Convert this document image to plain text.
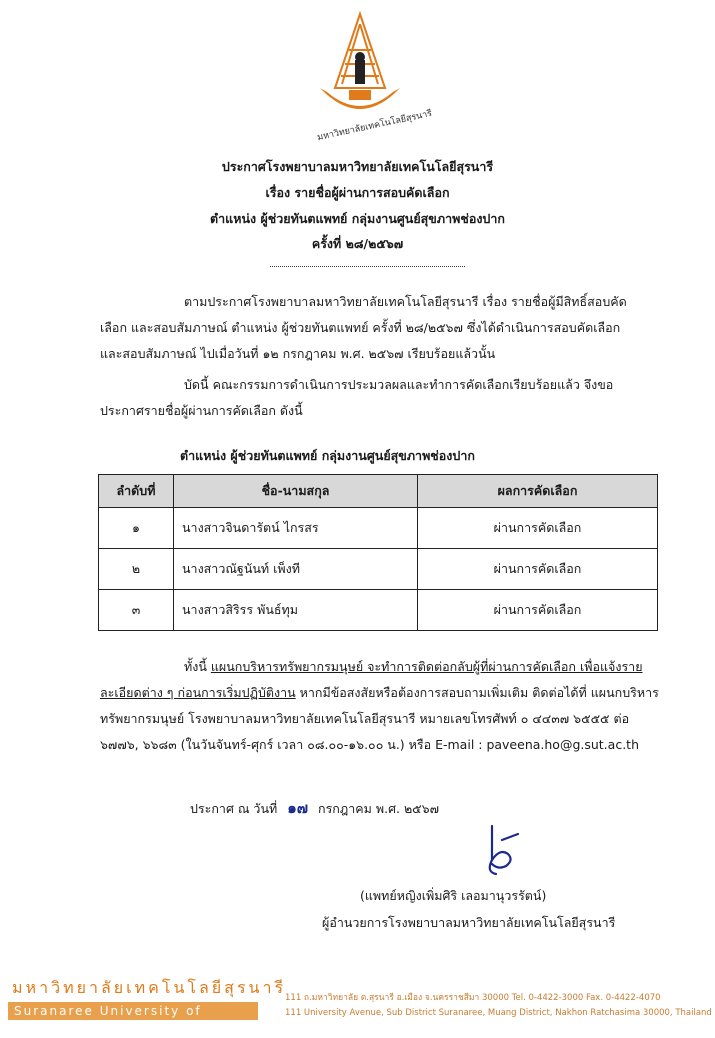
มหาวิทยาลัยเทคโนโลยีสุรนารี
ประกาศโรงพยาบาลมหาวิทยาลัยเทคโนโลยีสุรนารี
เรื่อง รายชื่อผู้ผ่านการสอบคัดเลือก
ตำแหน่ง ผู้ช่วยทันตแพทย์ กลุ่มงานศูนย์สุขภาพช่องปาก
ครั้งที่ ๒๘/๒๕๖๗
ตามประกาศโรงพยาบาลมหาวิทยาลัยเทคโนโลยีสุรนารี เรื่อง รายชื่อผู้มีสิทธิ์สอบคัดเลือก และสอบสัมภาษณ์ ตำแหน่ง ผู้ช่วยทันตแพทย์ ครั้งที่ ๒๘/๒๕๖๗ ซึ่งได้ดำเนินการสอบคัดเลือกและสอบสัมภาษณ์ ไปเมื่อวันที่ ๑๒ กรกฎาคม พ.ศ. ๒๕๖๗ เรียบร้อยแล้วนั้น
บัดนี้ คณะกรรมการดำเนินการประมวลผลและทำการคัดเลือกเรียบร้อยแล้ว จึงขอประกาศรายชื่อผู้ผ่านการคัดเลือก ดังนี้
ตำแหน่ง ผู้ช่วยทันตแพทย์ กลุ่มงานศูนย์สุขภาพช่องปาก
ลำดับที่	ชื่อ-นามสกุล	ผลการคัดเลือก
๑	นางสาวจินดารัตน์ ไกรสร	ผ่านการคัดเลือก
๒	นางสาวณัฐนันท์ เพ็งที	ผ่านการคัดเลือก
๓	นางสาวสิริรร พันธ์ทุม	ผ่านการคัดเลือก
ทั้งนี้ แผนกบริหารทรัพยากรมนุษย์ จะทำการติดต่อกลับผู้ที่ผ่านการคัดเลือก เพื่อแจ้งรายละเอียดต่าง ๆ ก่อนการเริ่มปฏิบัติงาน หากมีข้อสงสัยหรือต้องการสอบถามเพิ่มเติม ติดต่อได้ที่ แผนกบริหารทรัพยากรมนุษย์ โรงพยาบาลมหาวิทยาลัยเทคโนโลยีสุรนารี หมายเลขโทรศัพท์ ๐ ๔๔๓๗ ๖๕๕๕ ต่อ ๖๗๗๖, ๖๖๘๓ (ในวันจันทร์-ศุกร์ เวลา ๐๘.๐๐-๑๖.๐๐ น.) หรือ E-mail : paveena.ho@g.sut.ac.th
ประกาศ ณ วันที่ ๑๗ กรกฎาคม พ.ศ. ๒๕๖๗
(แพทย์หญิงเพิ่มศิริ เลอมานุวรรัตน์)
ผู้อำนวยการโรงพยาบาลมหาวิทยาลัยเทคโนโลยีสุรนารี
มหาวิทยาลัยเทคโนโลยีสุรนารี
Suranaree University of Technology
111 ถ.มหาวิทยาลัย ต.สุรนารี อ.เมือง จ.นครราชสีมา 30000 Tel. 0-4422-3000 Fax. 0-4422-4070
111 University Avenue, Sub District Suranaree, Muang District, Nakhon Ratchasima 30000, Thailand
